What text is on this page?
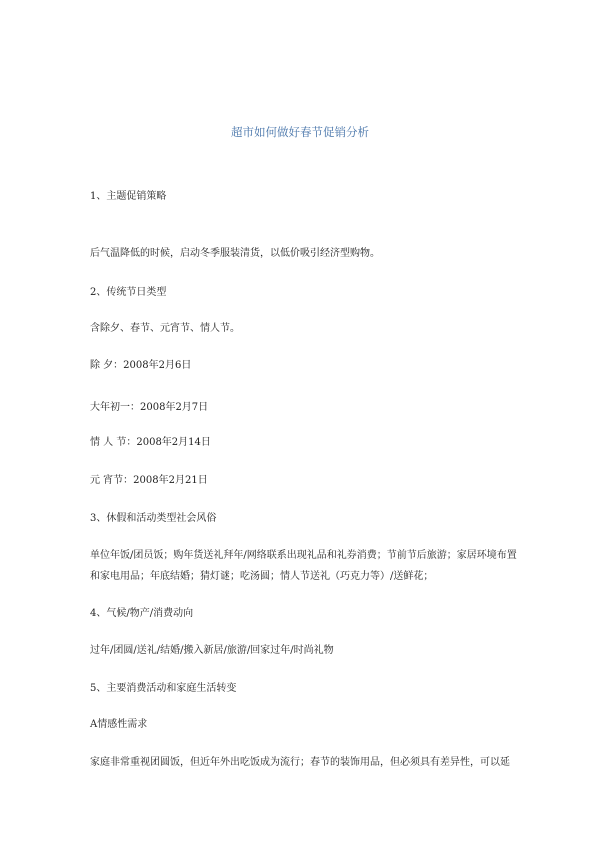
超市如何做好春节促销分析
1、主题促销策略
后气温降低的时候，启动冬季服装清货，以低价吸引经济型购物。
2、传统节日类型
含除夕、春节、元宵节、情人节。
除 夕：2008年2月6日
大年初一：2008年2月7日
情 人 节：2008年2月14日
元 宵节：2008年2月21日
3、休假和活动类型社会风俗
单位年饭/团员饭；购年货送礼拜年/网络联系出现礼品和礼券消费；节前节后旅游；家居环境布置和家电用品；年底结婚；猜灯谜；吃汤圆；情人节送礼（巧克力等）/送鲜花；
4、气候/物产/消费动向
过年/团圆/送礼/结婚/搬入新居/旅游/回家过年/时尚礼物
5、主要消费活动和家庭生活转变
A情感性需求
家庭非常重视团圆饭，但近年外出吃饭成为流行；春节的装饰用品，但必须具有差异性，可以延
